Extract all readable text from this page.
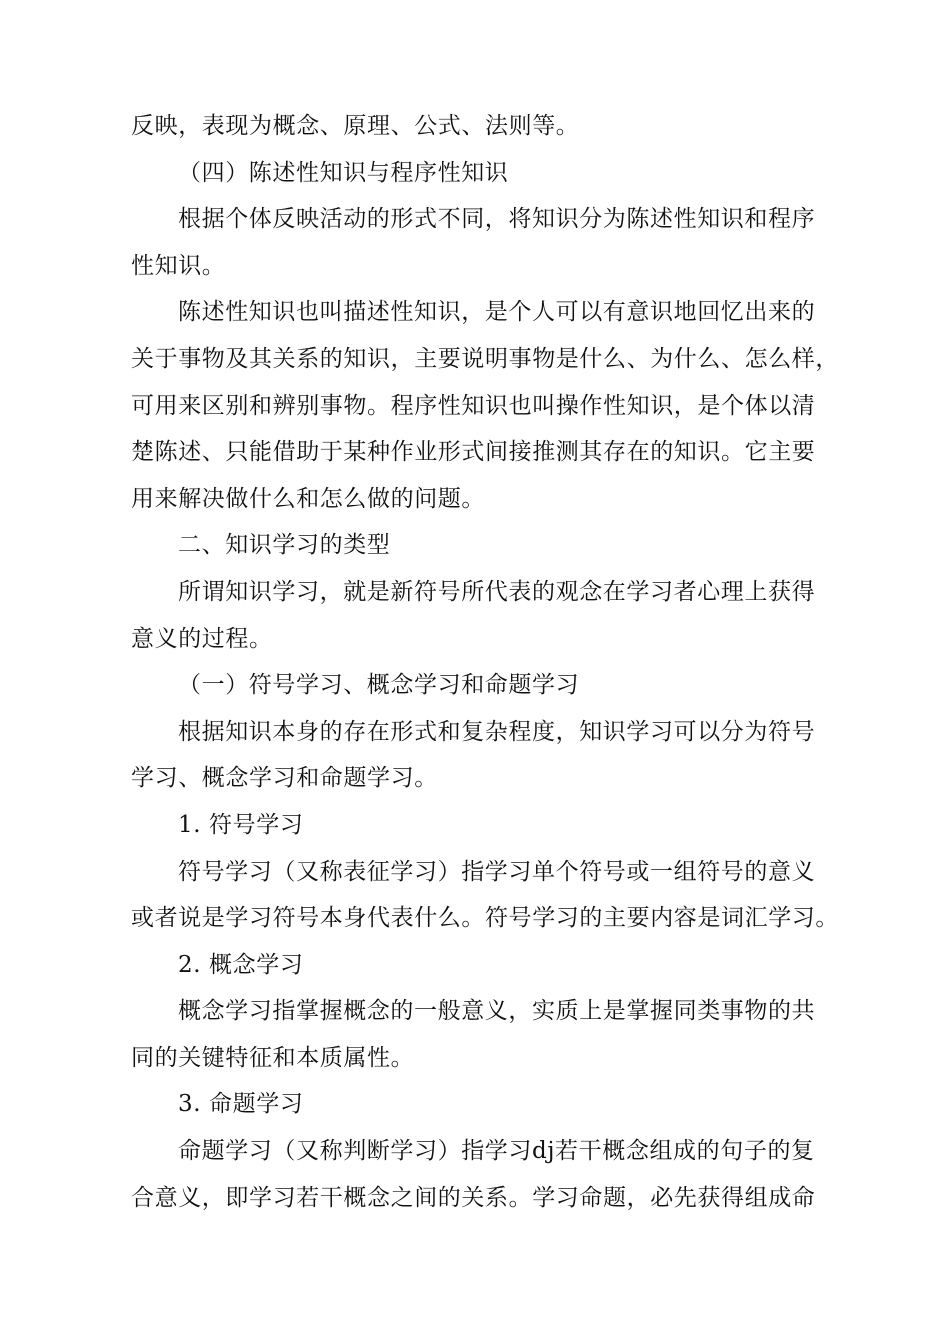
反映，表现为概念、原理、公式、法则等。
（四）陈述性知识与程序性知识
根据个体反映活动的形式不同，将知识分为陈述性知识和程序
性知识。
陈述性知识也叫描述性知识，是个人可以有意识地回忆出来的
关于事物及其关系的知识，主要说明事物是什么、为什么、怎么样，
可用来区别和辨别事物。程序性知识也叫操作性知识，是个体以清
楚陈述、只能借助于某种作业形式间接推测其存在的知识。它主要
用来解决做什么和怎么做的问题。
二、知识学习的类型
所谓知识学习，就是新符号所代表的观念在学习者心理上获得
意义的过程。
（一）符号学习、概念学习和命题学习
根据知识本身的存在形式和复杂程度，知识学习可以分为符号
学习、概念学习和命题学习。
1. 符号学习
符号学习（又称表征学习）指学习单个符号或一组符号的意义
或者说是学习符号本身代表什么。符号学习的主要内容是词汇学习。
2. 概念学习
概念学习指掌握概念的一般意义，实质上是掌握同类事物的共
同的关键特征和本质属性。
3. 命题学习
命题学习（又称判断学习）指学习dj若干概念组成的句子的复
合意义，即学习若干概念之间的关系。学习命题，必先获得组成命
